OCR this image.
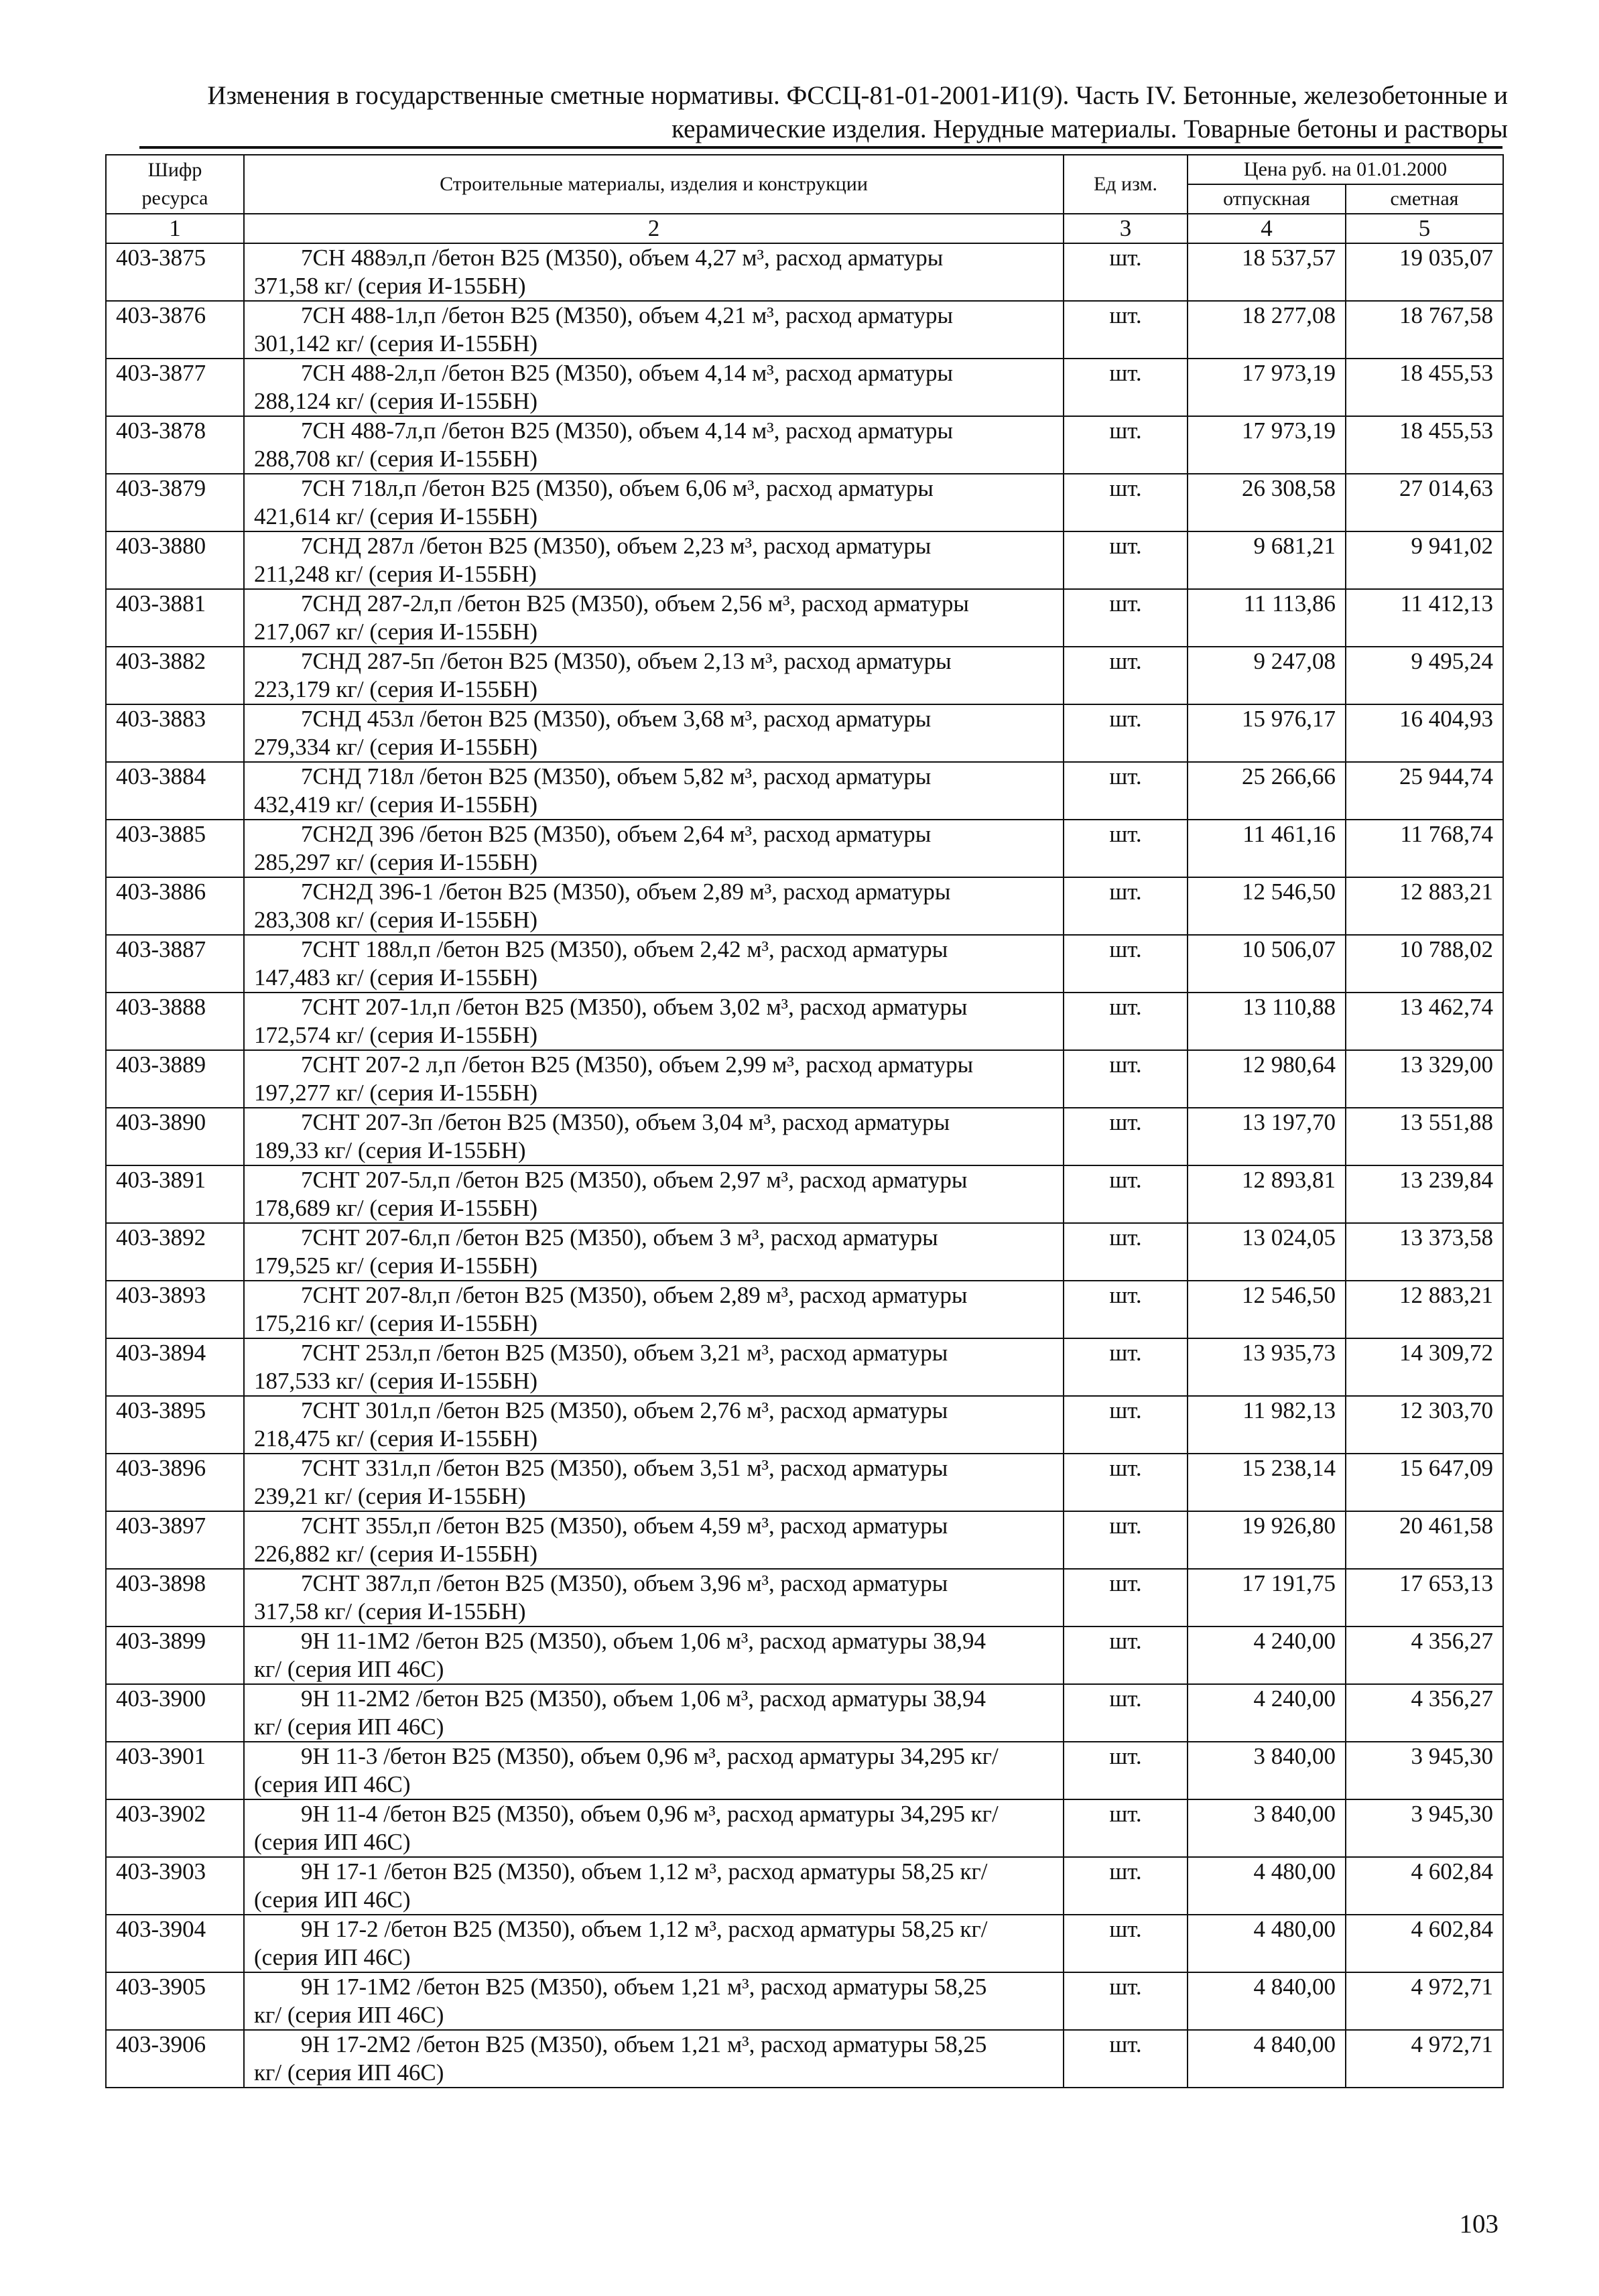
Изменения в государственные сметные нормативы. ФССЦ-81-01-2001-И1(9). Часть IV. Бетонные, железобетонные и
керамические изделия. Нерудные материалы. Товарные бетоны и растворы
Шифр ресурса	Строительные материалы, изделия и конструкции	Ед изм.	Цена руб. на 01.01.2000	
			отпускная	сметная
1	2	3	4	5
403-3875	7СН 488эл,п /бетон В25 (М350), объем 4,27 м³, расход арматуры
371,58 кг/ (серия И-155БН)	шт.	18 537,57	19 035,07
403-3876	7СН 488-1л,п /бетон В25 (М350), объем 4,21 м³, расход арматуры
301,142 кг/ (серия И-155БН)	шт.	18 277,08	18 767,58
403-3877	7СН 488-2л,п /бетон В25 (М350), объем 4,14 м³, расход арматуры
288,124 кг/ (серия И-155БН)	шт.	17 973,19	18 455,53
403-3878	7СН 488-7л,п /бетон В25 (М350), объем 4,14 м³, расход арматуры
288,708 кг/ (серия И-155БН)	шт.	17 973,19	18 455,53
403-3879	7СН 718л,п /бетон В25 (М350), объем 6,06 м³, расход арматуры
421,614 кг/ (серия И-155БН)	шт.	26 308,58	27 014,63
403-3880	7СНД 287л /бетон В25 (М350), объем 2,23 м³, расход арматуры
211,248 кг/ (серия И-155БН)	шт.	9 681,21	9 941,02
403-3881	7СНД 287-2л,п /бетон В25 (М350), объем 2,56 м³, расход арматуры
217,067 кг/ (серия И-155БН)	шт.	11 113,86	11 412,13
403-3882	7СНД 287-5п /бетон В25 (М350), объем 2,13 м³, расход арматуры
223,179 кг/ (серия И-155БН)	шт.	9 247,08	9 495,24
403-3883	7СНД 453л /бетон В25 (М350), объем 3,68 м³, расход арматуры
279,334 кг/ (серия И-155БН)	шт.	15 976,17	16 404,93
403-3884	7СНД 718л /бетон В25 (М350), объем 5,82 м³, расход арматуры
432,419 кг/ (серия И-155БН)	шт.	25 266,66	25 944,74
403-3885	7СН2Д 396 /бетон В25 (М350), объем 2,64 м³, расход арматуры
285,297 кг/ (серия И-155БН)	шт.	11 461,16	11 768,74
403-3886	7СН2Д 396-1 /бетон В25 (М350), объем 2,89 м³, расход арматуры
283,308 кг/ (серия И-155БН)	шт.	12 546,50	12 883,21
403-3887	7СНТ 188л,п /бетон В25 (М350), объем 2,42 м³, расход арматуры
147,483 кг/ (серия И-155БН)	шт.	10 506,07	10 788,02
403-3888	7СНТ 207-1л,п /бетон В25 (М350), объем 3,02 м³, расход арматуры
172,574 кг/ (серия И-155БН)	шт.	13 110,88	13 462,74
403-3889	7СНТ 207-2 л,п /бетон В25 (М350), объем 2,99 м³, расход арматуры
197,277 кг/ (серия И-155БН)	шт.	12 980,64	13 329,00
403-3890	7СНТ 207-3п /бетон В25 (М350), объем 3,04 м³, расход арматуры
189,33 кг/ (серия И-155БН)	шт.	13 197,70	13 551,88
403-3891	7СНТ 207-5л,п /бетон В25 (М350), объем 2,97 м³, расход арматуры
178,689 кг/ (серия И-155БН)	шт.	12 893,81	13 239,84
403-3892	7СНТ 207-6л,п /бетон В25 (М350), объем 3 м³, расход арматуры
179,525 кг/ (серия И-155БН)	шт.	13 024,05	13 373,58
403-3893	7СНТ 207-8л,п /бетон В25 (М350), объем 2,89 м³, расход арматуры
175,216 кг/ (серия И-155БН)	шт.	12 546,50	12 883,21
403-3894	7СНТ 253л,п /бетон В25 (М350), объем 3,21 м³, расход арматуры
187,533 кг/ (серия И-155БН)	шт.	13 935,73	14 309,72
403-3895	7СНТ 301л,п /бетон В25 (М350), объем 2,76 м³, расход арматуры
218,475 кг/ (серия И-155БН)	шт.	11 982,13	12 303,70
403-3896	7СНТ 331л,п /бетон В25 (М350), объем 3,51 м³, расход арматуры
239,21 кг/ (серия И-155БН)	шт.	15 238,14	15 647,09
403-3897	7СНТ 355л,п /бетон В25 (М350), объем 4,59 м³, расход арматуры
226,882 кг/ (серия И-155БН)	шт.	19 926,80	20 461,58
403-3898	7СНТ 387л,п /бетон В25 (М350), объем 3,96 м³, расход арматуры
317,58 кг/ (серия И-155БН)	шт.	17 191,75	17 653,13
403-3899	9Н 11-1М2 /бетон В25 (М350), объем 1,06 м³, расход арматуры 38,94
кг/ (серия ИП 46С)	шт.	4 240,00	4 356,27
403-3900	9Н 11-2М2 /бетон В25 (М350), объем 1,06 м³, расход арматуры 38,94
кг/ (серия ИП 46С)	шт.	4 240,00	4 356,27
403-3901	9Н 11-3 /бетон В25 (М350), объем 0,96 м³, расход арматуры 34,295 кг/
(серия ИП 46С)	шт.	3 840,00	3 945,30
403-3902	9Н 11-4 /бетон В25 (М350), объем 0,96 м³, расход арматуры 34,295 кг/
(серия ИП 46С)	шт.	3 840,00	3 945,30
403-3903	9Н 17-1 /бетон В25 (М350), объем 1,12 м³, расход арматуры 58,25 кг/
(серия ИП 46С)	шт.	4 480,00	4 602,84
403-3904	9Н 17-2 /бетон В25 (М350), объем 1,12 м³, расход арматуры 58,25 кг/
(серия ИП 46С)	шт.	4 480,00	4 602,84
403-3905	9Н 17-1М2 /бетон В25 (М350), объем 1,21 м³, расход арматуры 58,25
кг/ (серия ИП 46С)	шт.	4 840,00	4 972,71
403-3906	9Н 17-2М2 /бетон В25 (М350), объем 1,21 м³, расход арматуры 58,25
кг/ (серия ИП 46С)	шт.	4 840,00	4 972,71
103
